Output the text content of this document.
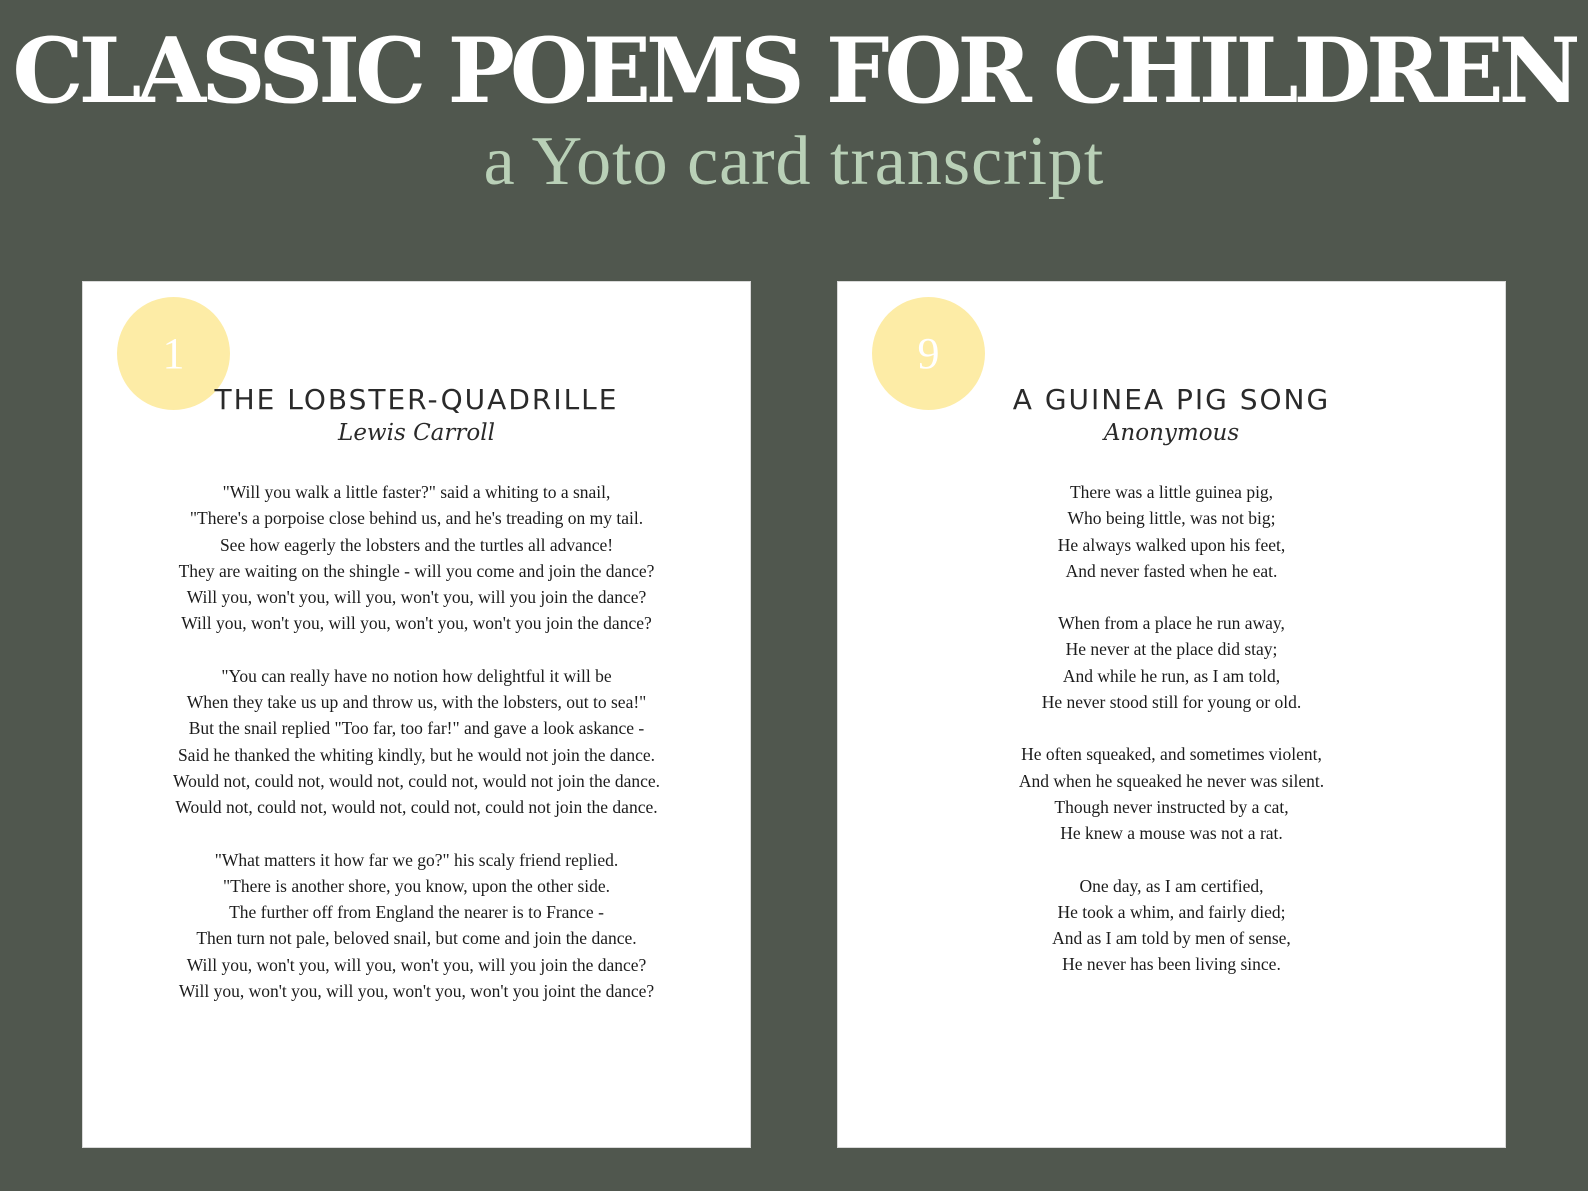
CLASSIC POEMS FOR CHILDREN
a Yoto card transcript
1
THE LOBSTER-QUADRILLE
Lewis Carroll
"Will you walk a little faster?" said a whiting to a snail,
"There's a porpoise close behind us, and he's treading on my tail.
See how eagerly the lobsters and the turtles all advance!
They are waiting on the shingle - will you come and join the dance?
Will you, won't you, will you, won't you, will you join the dance?
Will you, won't you, will you, won't you, won't you join the dance?
"You can really have no notion how delightful it will be
When they take us up and throw us, with the lobsters, out to sea!"
But the snail replied "Too far, too far!" and gave a look askance -
Said he thanked the whiting kindly, but he would not join the dance.
Would not, could not, would not, could not, would not join the dance.
Would not, could not, would not, could not, could not join the dance.
"What matters it how far we go?" his scaly friend replied.
"There is another shore, you know, upon the other side.
The further off from England the nearer is to France -
Then turn not pale, beloved snail, but come and join the dance.
Will you, won't you, will you, won't you, will you join the dance?
Will you, won't you, will you, won't you, won't you joint the dance?
9
A GUINEA PIG SONG
Anonymous
There was a little guinea pig,
Who being little, was not big;
He always walked upon his feet,
And never fasted when he eat.
When from a place he run away,
He never at the place did stay;
And while he run, as I am told,
He never stood still for young or old.
He often squeaked, and sometimes violent,
And when he squeaked he never was silent.
Though never instructed by a cat,
He knew a mouse was not a rat.
One day, as I am certified,
He took a whim, and fairly died;
And as I am told by men of sense,
He never has been living since.
